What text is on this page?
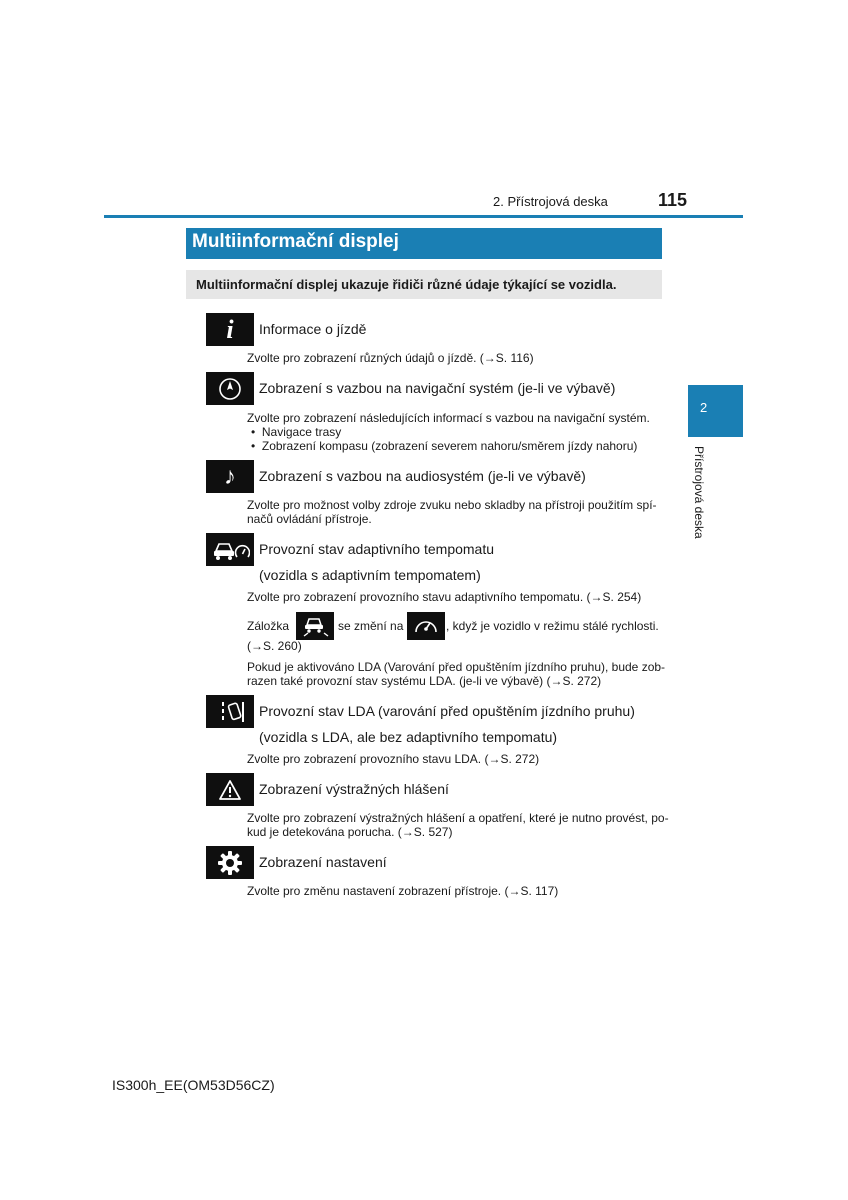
2. Přístrojová deska	115
Multiinformační displej
Multiinformační displej ukazuje řidiči různé údaje týkající se vozidla.
2
Přístrojová deska
i Informace o jízdě
Zvolte pro zobrazení různých údajů o jízdě. (→S. 116)
Zobrazení s vazbou na navigační systém (je-li ve výbavě)
Zvolte pro zobrazení následujících informací s vazbou na navigační systém.
•  Navigace trasy
•  Zobrazení kompasu (zobrazení severem nahoru/směrem jízdy nahoru)
♪ Zobrazení s vazbou na audiosystém (je-li ve výbavě)
Zvolte pro možnost volby zdroje zvuku nebo skladby na přístroji použitím spí-
načů ovládání přístroje.
Provozní stav adaptivního tempomatu
(vozidla s adaptivním tempomatem)
Zvolte pro zobrazení provozního stavu adaptivního tempomatu. (→S. 254)
Záložka	se změní na	, když je vozidlo v režimu stálé rychlosti.
(→S. 260)
Pokud je aktivováno LDA (Varování před opuštěním jízdního pruhu), bude zob-
razen také provozní stav systému LDA. (je-li ve výbavě) (→S. 272)
Provozní stav LDA (varování před opuštěním jízdního pruhu)
(vozidla s LDA, ale bez adaptivního tempomatu)
Zvolte pro zobrazení provozního stavu LDA. (→S. 272)
Zobrazení výstražných hlášení
Zvolte pro zobrazení výstražných hlášení a opatření, které je nutno provést, po-
kud je detekována porucha. (→S. 527)
Zobrazení nastavení
Zvolte pro změnu nastavení zobrazení přístroje. (→S. 117)
IS300h_EE(OM53D56CZ)
